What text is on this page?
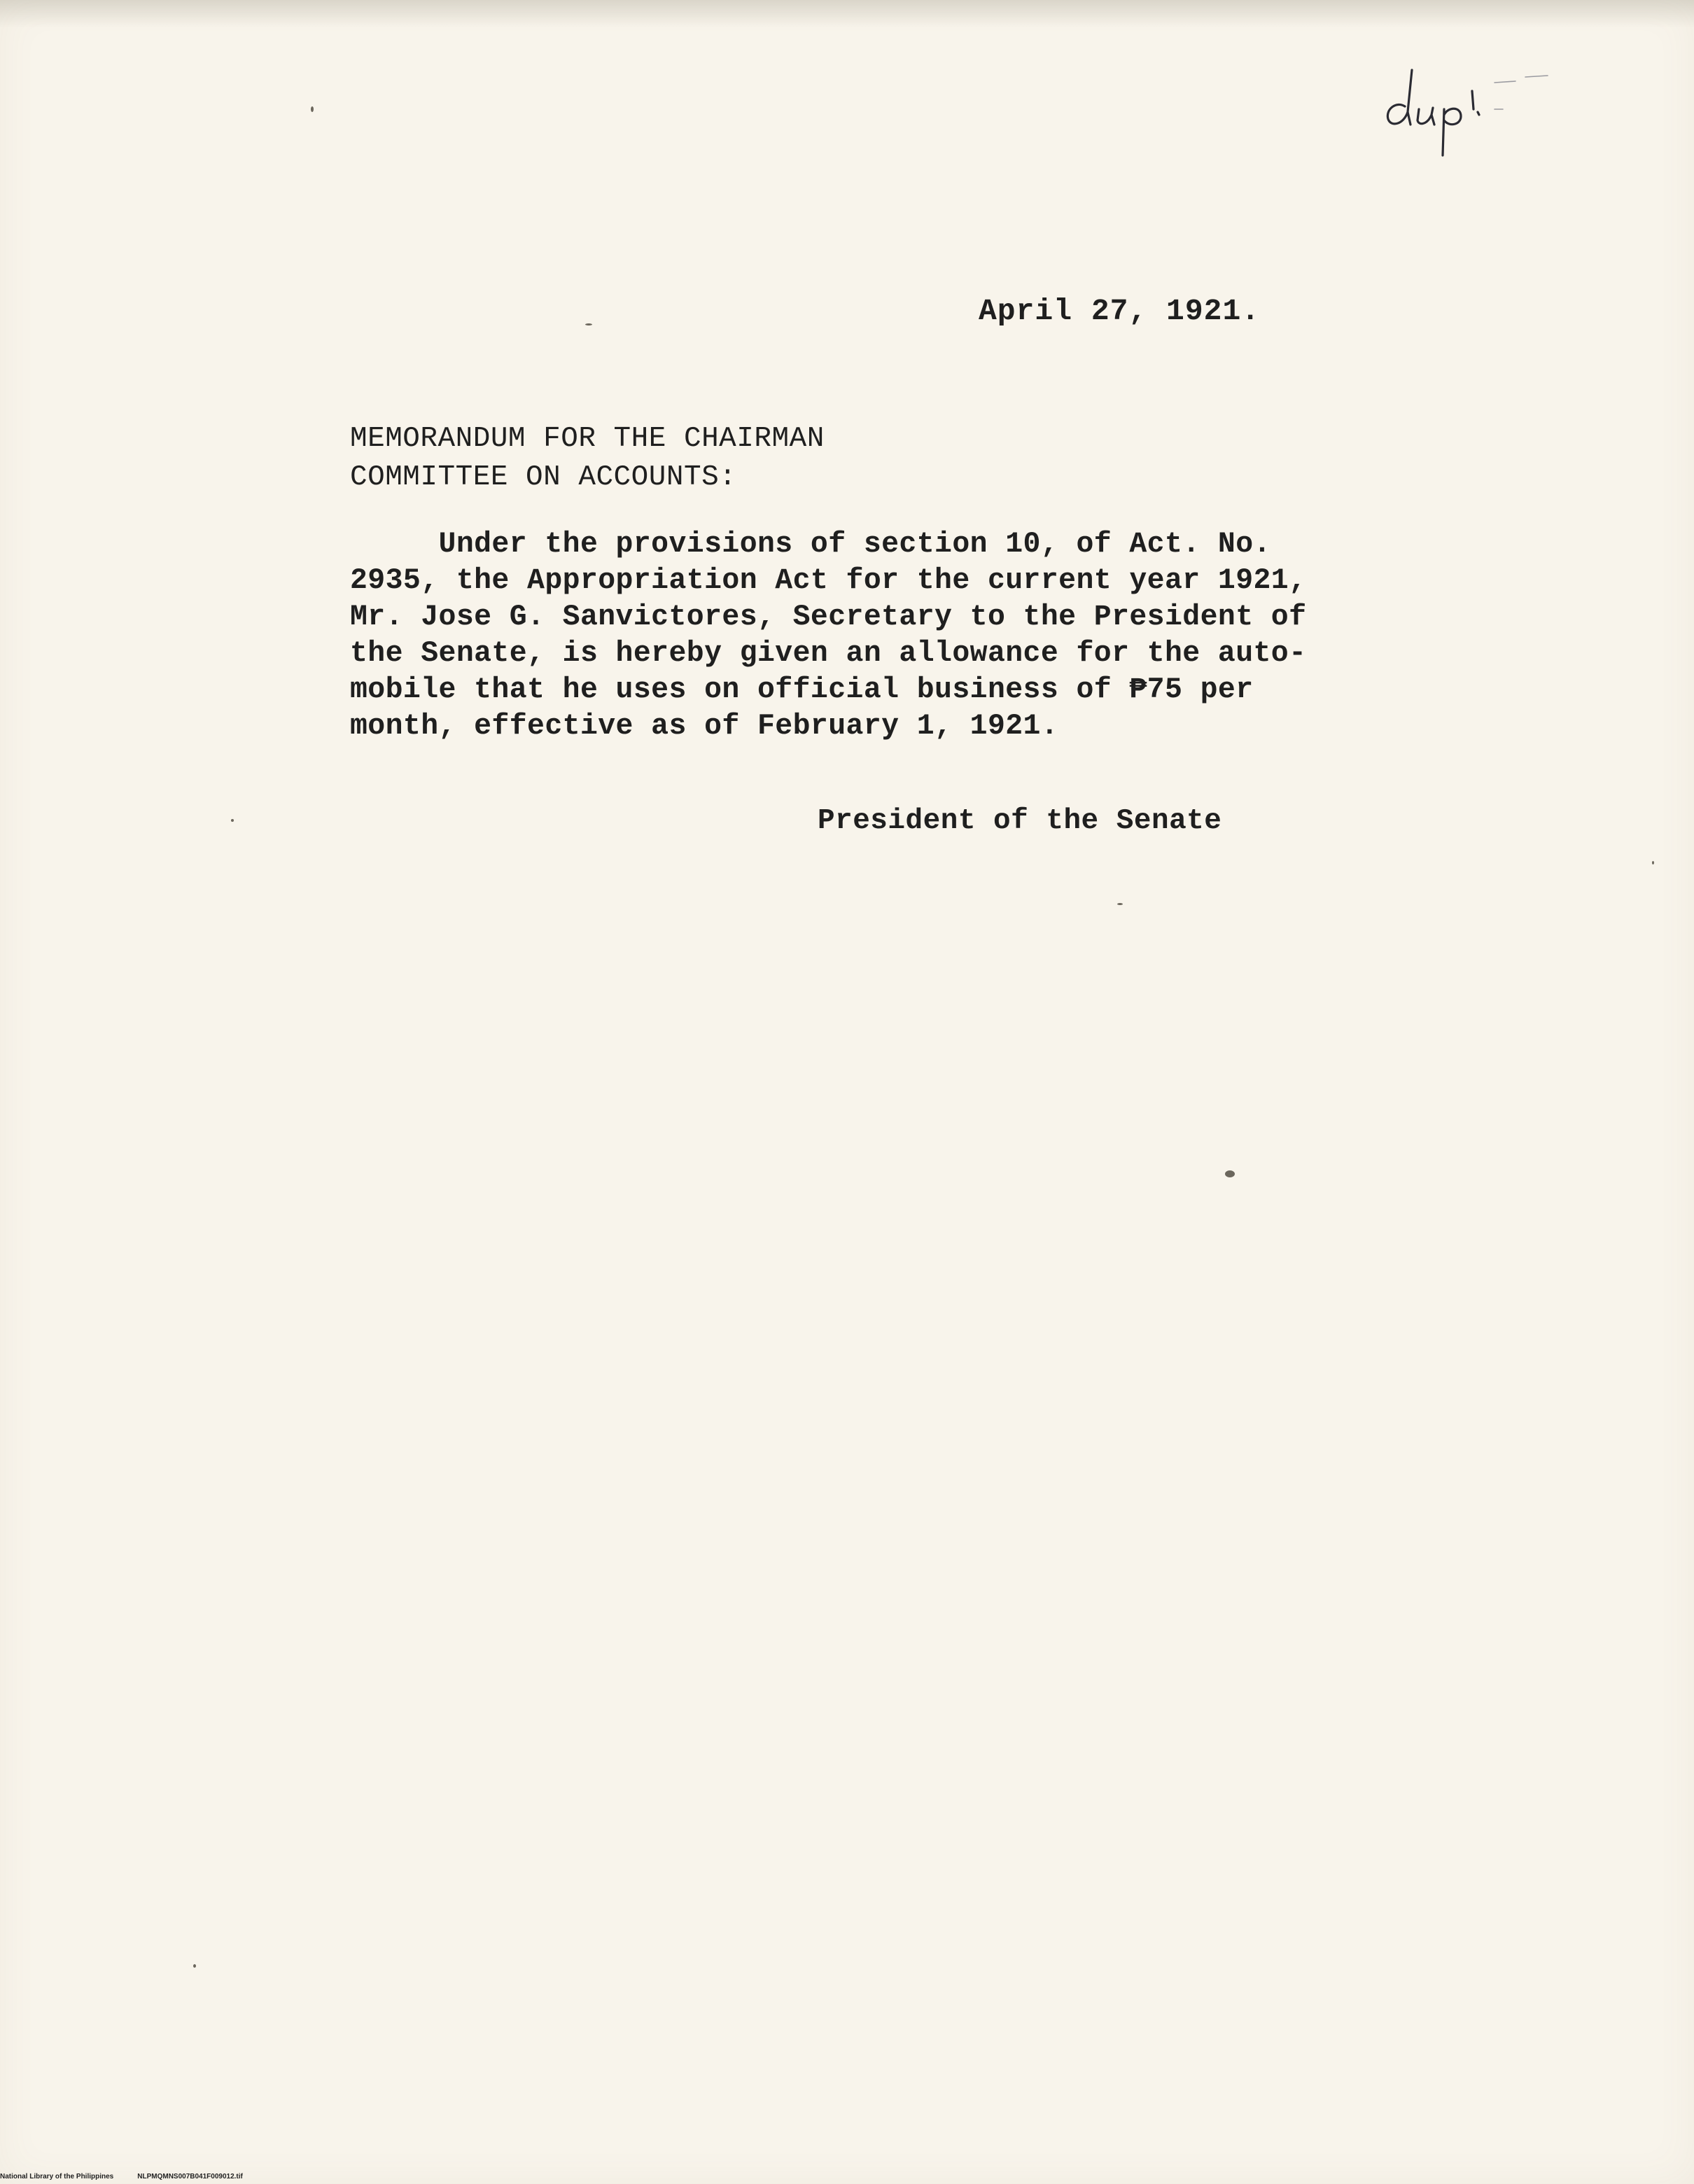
April 27, 1921.
MEMORANDUM FOR THE CHAIRMAN
COMMITTEE ON ACCOUNTS:
Under the provisions of section 10, of Act. No.
2935, the Appropriation Act for the current year 1921,
Mr. Jose G. Sanvictores, Secretary to the President of
the Senate, is hereby given an allowance for the auto-
mobile that he uses on official business of ₱75 per
month, effective as of February 1, 1921.
President of the Senate
National Library of the Philippines	NLPMQMNS007B041F009012.tif
